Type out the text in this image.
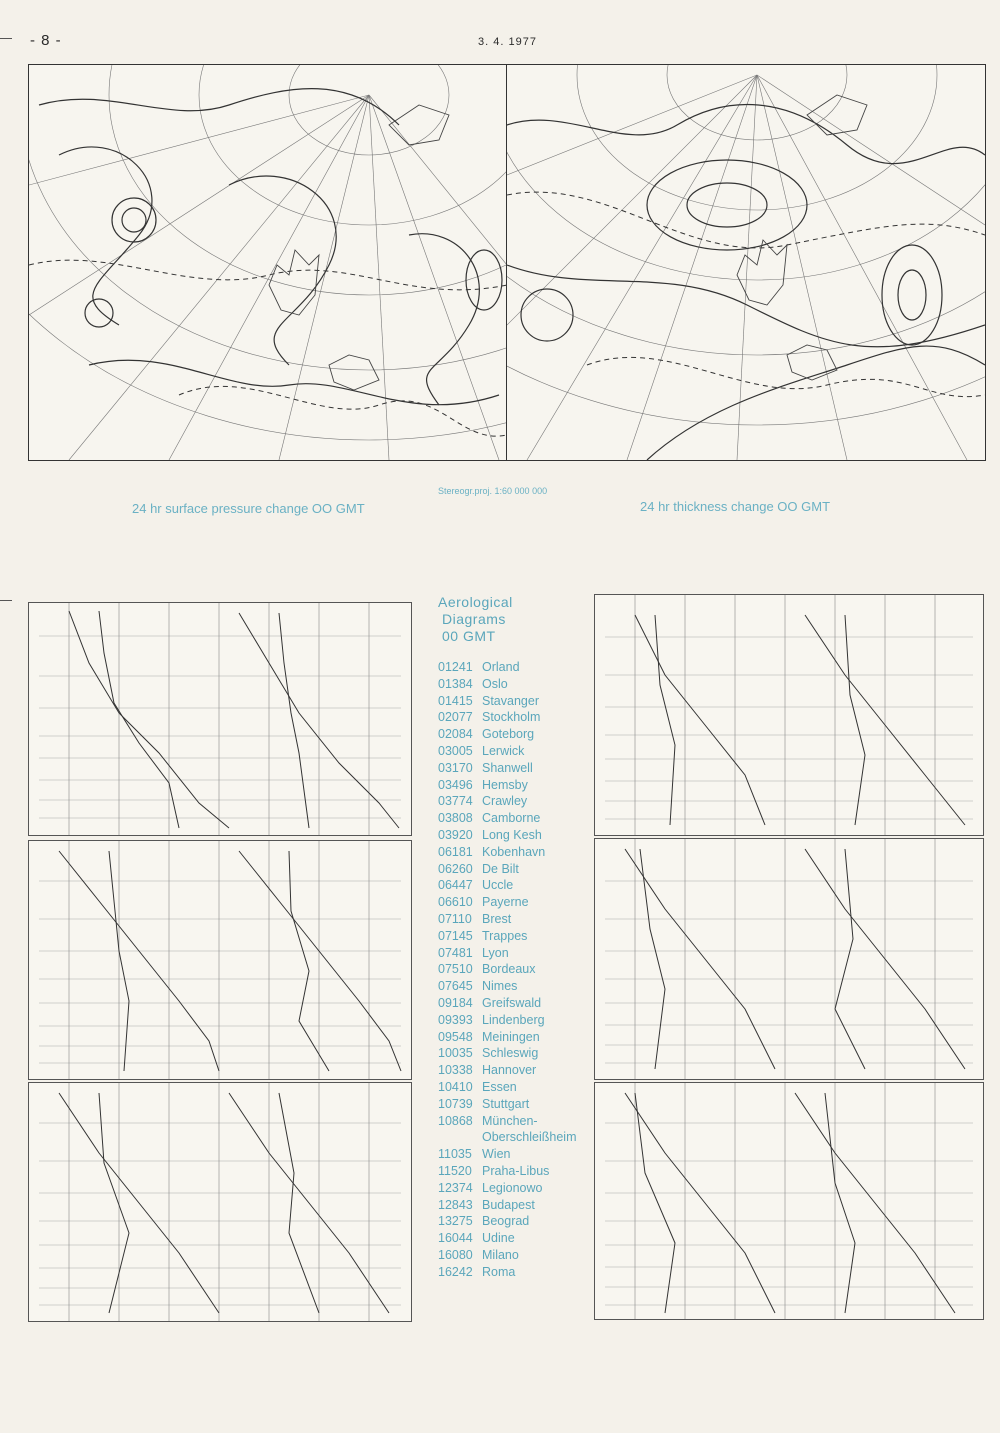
- 8 -	3. 4. 1977
24 hr surface pressure change OO GMT
Stereogr.proj. 1:60 000 000
24 hr thickness change OO GMT
Aerological
Diagrams
00 GMT
01241 Orland
01384 Oslo
01415 Stavanger
02077 Stockholm
02084 Goteborg
03005 Lerwick
03170 Shanwell
03496 Hemsby
03774 Crawley
03808 Camborne
03920 Long Kesh
06181 Kobenhavn
06260 De Bilt
06447 Uccle
06610 Payerne
07110 Brest
07145 Trappes
07481 Lyon
07510 Bordeaux
07645 Nimes
09184 Greifswald
09393 Lindenberg
09548 Meiningen
10035 Schleswig
10338 Hannover
10410 Essen
10739 Stuttgart
10868 München-
Oberschleißheim
11035 Wien
11520 Praha-Libus
12374 Legionowo
12843 Budapest
13275 Beograd
16044 Udine
16080 Milano
16242 Roma
